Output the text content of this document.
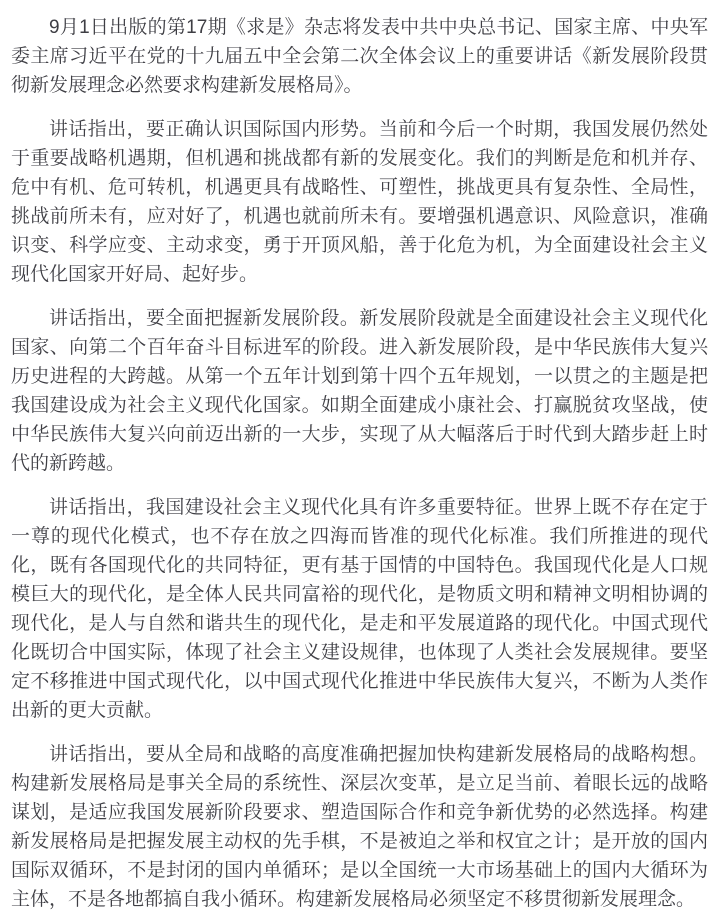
9月1日出版的第17期《求是》杂志将发表中共中央总书记、国家主席、中央军委主席习近平在党的十九届五中全会第二次全体会议上的重要讲话《新发展阶段贯彻新发展理念必然要求构建新发展格局》。

讲话指出，要正确认识国际国内形势。当前和今后一个时期，我国发展仍然处于重要战略机遇期，但机遇和挑战都有新的发展变化。我们的判断是危和机并存、危中有机、危可转机，机遇更具有战略性、可塑性，挑战更具有复杂性、全局性，挑战前所未有，应对好了，机遇也就前所未有。要增强机遇意识、风险意识，准确识变、科学应变、主动求变，勇于开顶风船，善于化危为机，为全面建设社会主义现代化国家开好局、起好步。

讲话指出，要全面把握新发展阶段。新发展阶段就是全面建设社会主义现代化国家、向第二个百年奋斗目标进军的阶段。进入新发展阶段，是中华民族伟大复兴历史进程的大跨越。从第一个五年计划到第十四个五年规划，一以贯之的主题是把我国建设成为社会主义现代化国家。如期全面建成小康社会、打赢脱贫攻坚战，使中华民族伟大复兴向前迈出新的一大步，实现了从大幅落后于时代到大踏步赶上时代的新跨越。

讲话指出，我国建设社会主义现代化具有许多重要特征。世界上既不存在定于一尊的现代化模式，也不存在放之四海而皆准的现代化标准。我们所推进的现代化，既有各国现代化的共同特征，更有基于国情的中国特色。我国现代化是人口规模巨大的现代化，是全体人民共同富裕的现代化，是物质文明和精神文明相协调的现代化，是人与自然和谐共生的现代化，是走和平发展道路的现代化。中国式现代化既切合中国实际，体现了社会主义建设规律，也体现了人类社会发展规律。要坚定不移推进中国式现代化，以中国式现代化推进中华民族伟大复兴，不断为人类作出新的更大贡献。

讲话指出，要从全局和战略的高度准确把握加快构建新发展格局的战略构想。构建新发展格局是事关全局的系统性、深层次变革，是立足当前、着眼长远的战略谋划，是适应我国发展新阶段要求、塑造国际合作和竞争新优势的必然选择。构建新发展格局是把握发展主动权的先手棋，不是被迫之举和权宜之计；是开放的国内国际双循环，不是封闭的国内单循环；是以全国统一大市场基础上的国内大循环为主体，不是各地都搞自我小循环。构建新发展格局必须坚定不移贯彻新发展理念。
